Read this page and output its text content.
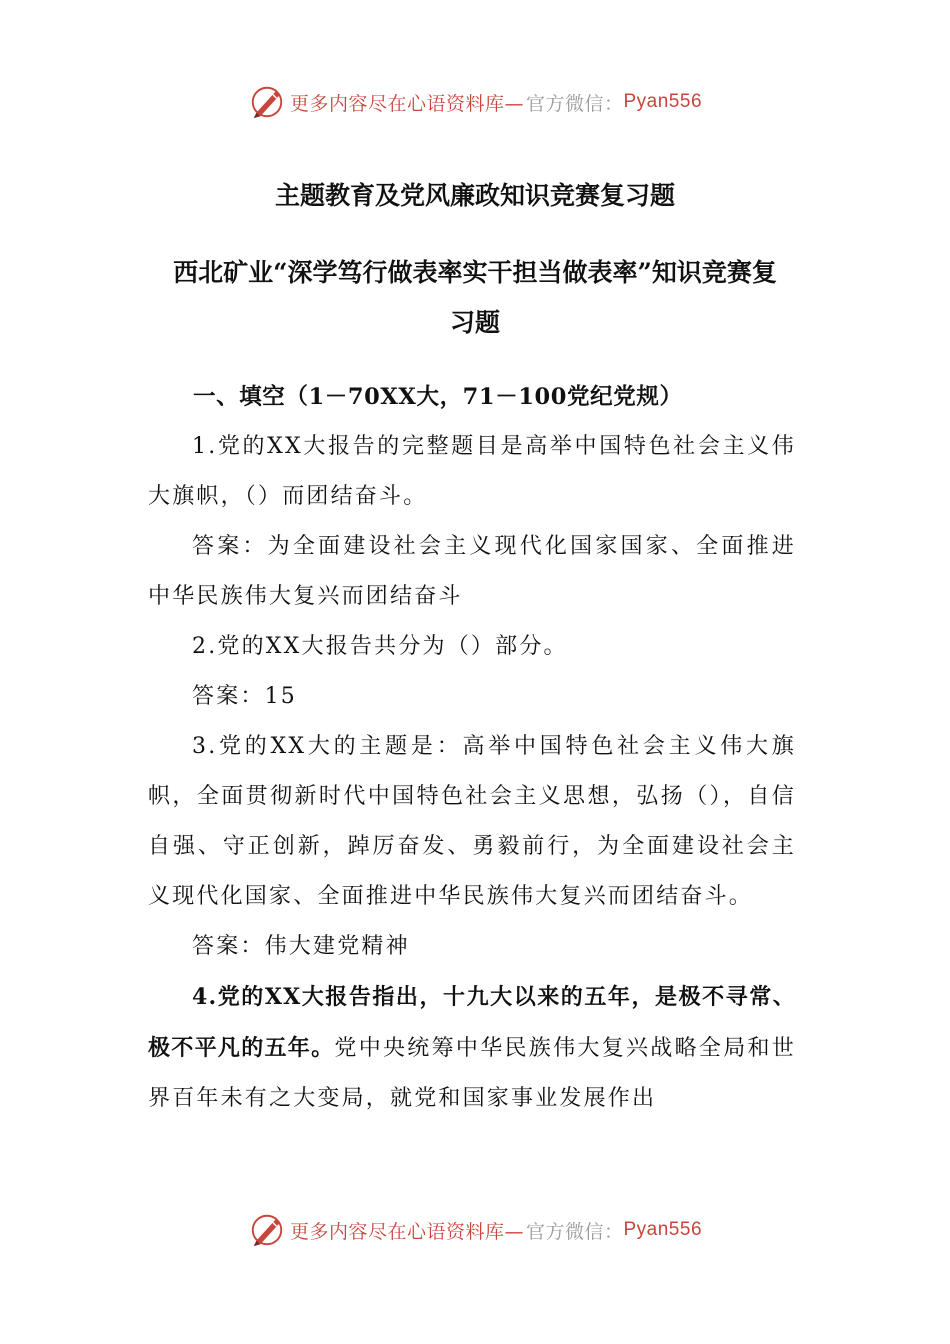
更多内容尽在心语资料库— 官方微信： Pyan556
主题教育及党风廉政知识竞赛复习题
西北矿业“深学笃行做表率实干担当做表率”知识竞赛复
习题

一、填空（1－70XX大，71－100党纪党规）

1.党的XX大报告的完整题目是高举中国特色社会主义伟大旗帜，（）而团结奋斗。

答案：为全面建设社会主义现代化国家国家、全面推进中华民族伟大复兴而团结奋斗

2.党的XX大报告共分为（）部分。

答案：15

3.党的XX大的主题是：高举中国特色社会主义伟大旗帜，全面贯彻新时代中国特色社会主义思想，弘扬（），自信自强、守正创新，踔厉奋发、勇毅前行，为全面建设社会主义现代化国家、全面推进中华民族伟大复兴而团结奋斗。

答案：伟大建党精神

4.党的XX大报告指出，十九大以来的五年，是极不寻常、极不平凡的五年。党中央统筹中华民族伟大复兴战略全局和世界百年未有之大变局，就党和国家事业发展作出

更多内容尽在心语资料库— 官方微信： Pyan556
